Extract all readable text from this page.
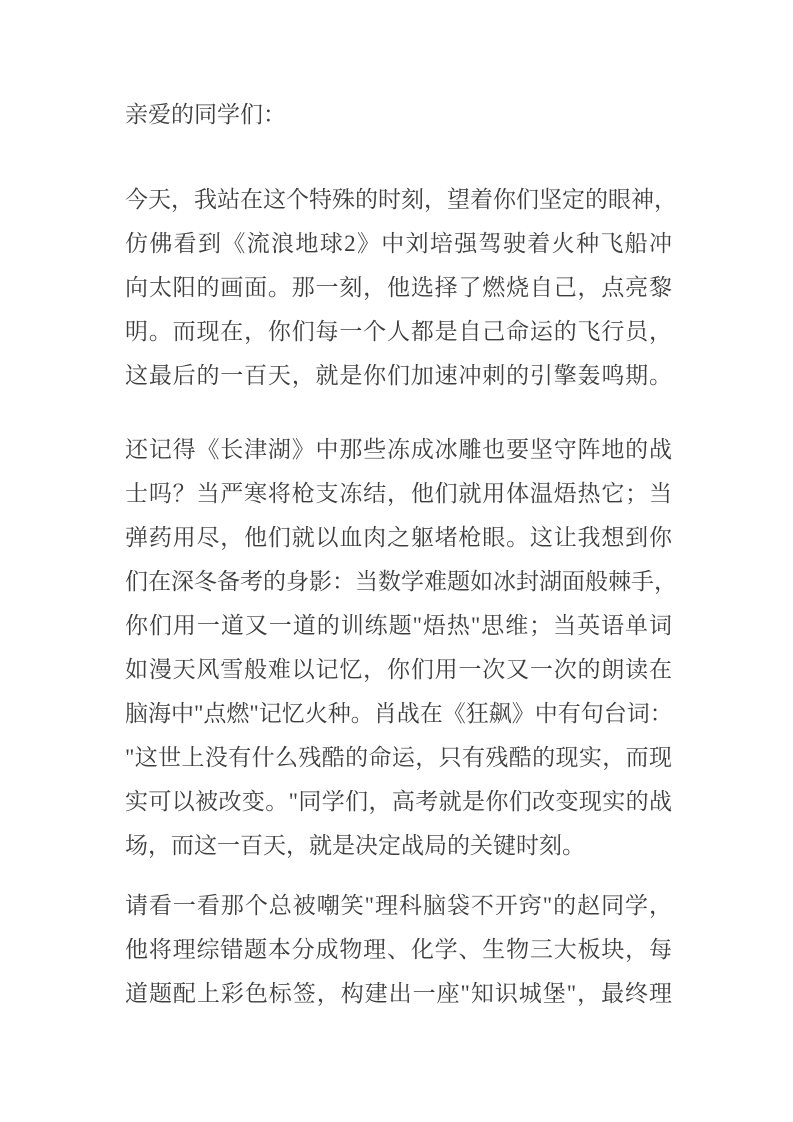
亲爱的同学们：
今天，我站在这个特殊的时刻，望着你们坚定的眼神，
仿佛看到《流浪地球2》中刘培强驾驶着火种飞船冲
向太阳的画面。那一刻，他选择了燃烧自己，点亮黎
明。而现在，你们每一个人都是自己命运的飞行员，
这最后的一百天，就是你们加速冲刺的引擎轰鸣期。
还记得《长津湖》中那些冻成冰雕也要坚守阵地的战
士吗？当严寒将枪支冻结，他们就用体温焐热它；当
弹药用尽，他们就以血肉之躯堵枪眼。这让我想到你
们在深冬备考的身影：当数学难题如冰封湖面般棘手，
你们用一道又一道的训练题"焐热"思维；当英语单词
如漫天风雪般难以记忆，你们用一次又一次的朗读在
脑海中"点燃"记忆火种。肖战在《狂飙》中有句台词：
"这世上没有什么残酷的命运，只有残酷的现实，而现
实可以被改变。"同学们，高考就是你们改变现实的战
场，而这一百天，就是决定战局的关键时刻。
请看一看那个总被嘲笑"理科脑袋不开窍"的赵同学，
他将理综错题本分成物理、化学、生物三大板块，每
道题配上彩色标签，构建出一座"知识城堡"，最终理
